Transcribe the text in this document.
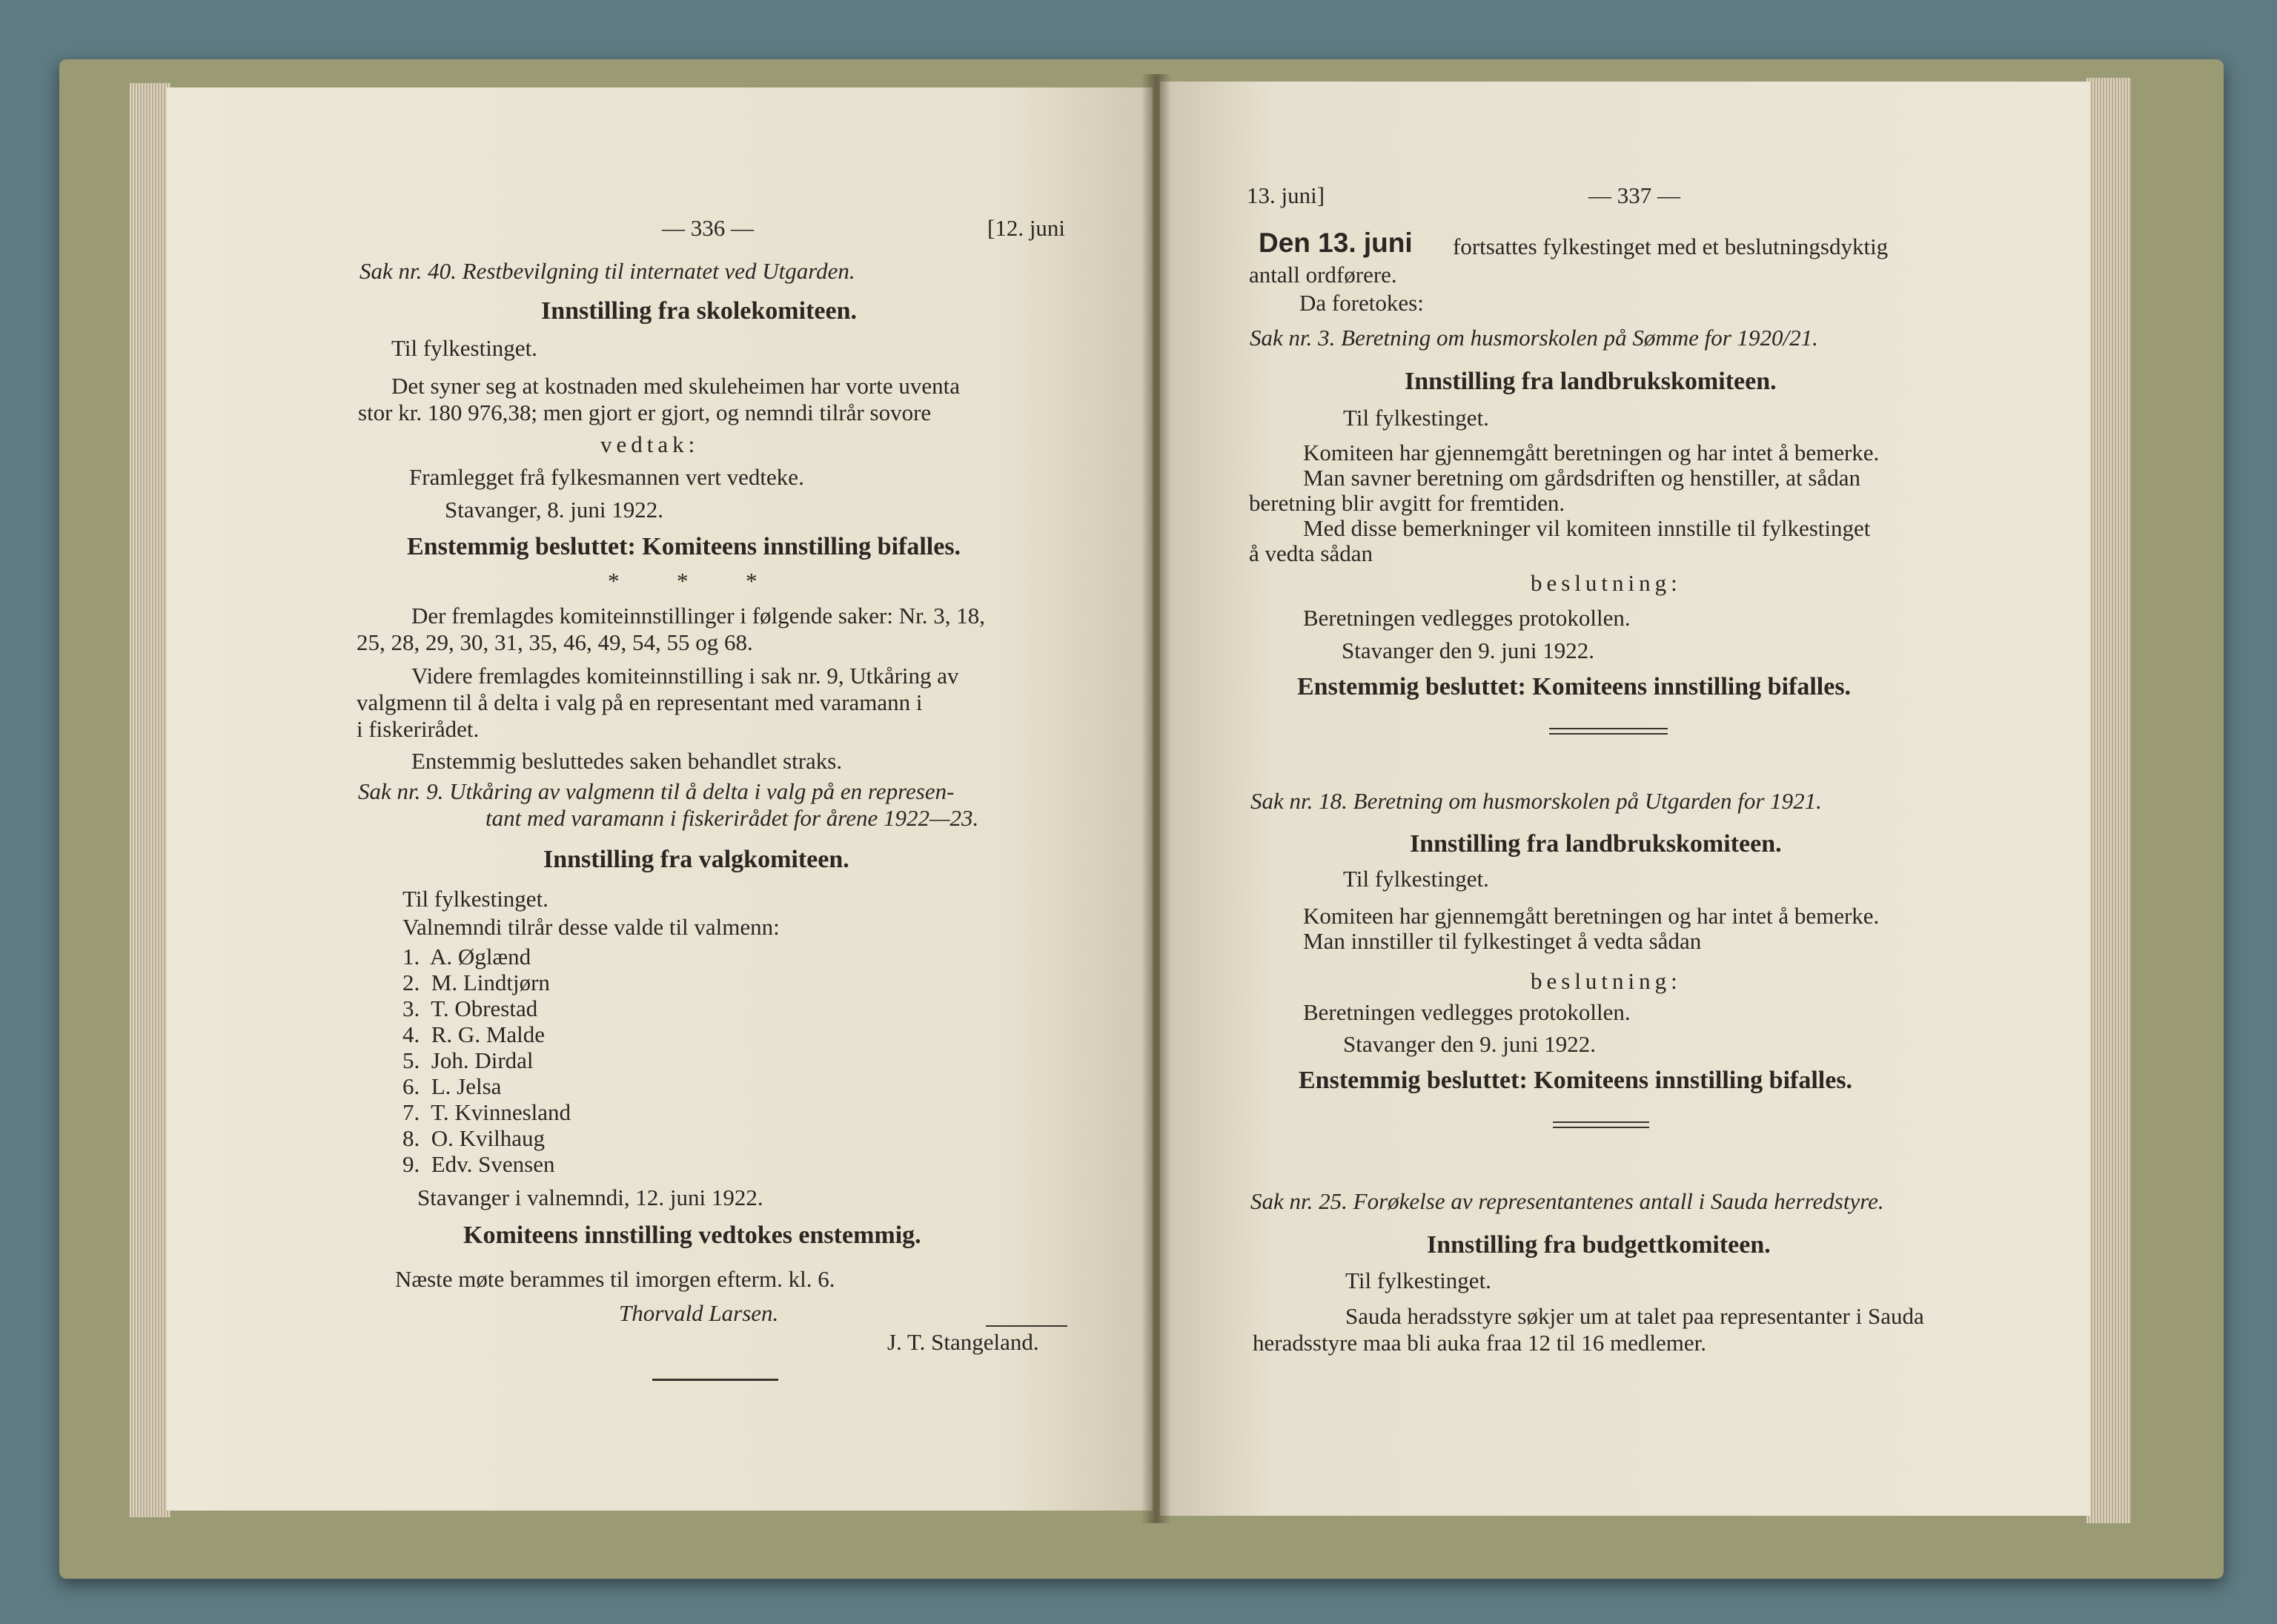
— 336 —	[12. juni
Sak nr. 40. Restbevilgning til internatet ved Utgarden.
Innstilling fra skolekomiteen.
Til fylkestinget.
Det syner seg at kostnaden med skuleheimen har vorte uventa
stor kr. 180 976,38; men gjort er gjort, og nemndi tilrår sovore
vedtak:
Framlegget frå fylkesmannen vert vedteke.
Stavanger, 8. juni 1922.
Enstemmig besluttet: Komiteens innstilling bifalles.
*          *          *
Der fremlagdes komiteinnstillinger i følgende saker: Nr. 3, 18,
25, 28, 29, 30, 31, 35, 46, 49, 54, 55 og 68.
Videre fremlagdes komiteinnstilling i sak nr. 9, Utkåring av
valgmenn til å delta i valg på en representant med varamann i
i fiskerirådet.
Enstemmig besluttedes saken behandlet straks.
Sak nr. 9. Utkåring av valgmenn til å delta i valg på en represen-
tant med varamann i fiskerirådet for årene 1922—23.
Innstilling fra valgkomiteen.
Til fylkestinget.
Valnemndi tilrår desse valde til valmenn:
1.  A. Øglænd
2.  M. Lindtjørn
3.  T. Obrestad
4.  R. G. Malde
5.  Joh. Dirdal
6.  L. Jelsa
7.  T. Kvinnesland
8.  O. Kvilhaug
9.  Edv. Svensen
Stavanger i valnemndi, 12. juni 1922.
Komiteens innstilling vedtokes enstemmig.
Næste møte berammes til imorgen efterm. kl. 6.
Thorvald Larsen.
J. T. Stangeland.
13. juni]	— 337 —
Den 13. juni fortsattes fylkestinget med et beslutningsdyktig
antall ordførere.
Da foretokes:
Sak nr. 3. Beretning om husmorskolen på Sømme for 1920/21.
Innstilling fra landbrukskomiteen.
Til fylkestinget.
Komiteen har gjennemgått beretningen og har intet å bemerke.
Man savner beretning om gårdsdriften og henstiller, at sådan
beretning blir avgitt for fremtiden.
Med disse bemerkninger vil komiteen innstille til fylkestinget
å vedta sådan
beslutning:
Beretningen vedlegges protokollen.
Stavanger den 9. juni 1922.
Enstemmig besluttet: Komiteens innstilling bifalles.
Sak nr. 18. Beretning om husmorskolen på Utgarden for 1921.
Innstilling fra landbrukskomiteen.
Til fylkestinget.
Komiteen har gjennemgått beretningen og har intet å bemerke.
Man innstiller til fylkestinget å vedta sådan
beslutning:
Beretningen vedlegges protokollen.
Stavanger den 9. juni 1922.
Enstemmig besluttet: Komiteens innstilling bifalles.
Sak nr. 25. Forøkelse av representantenes antall i Sauda herredstyre.
Innstilling fra budgettkomiteen.
Til fylkestinget.
Sauda heradsstyre søkjer um at talet paa representanter i Sauda
heradsstyre maa bli auka fraa 12 til 16 medlemer.
